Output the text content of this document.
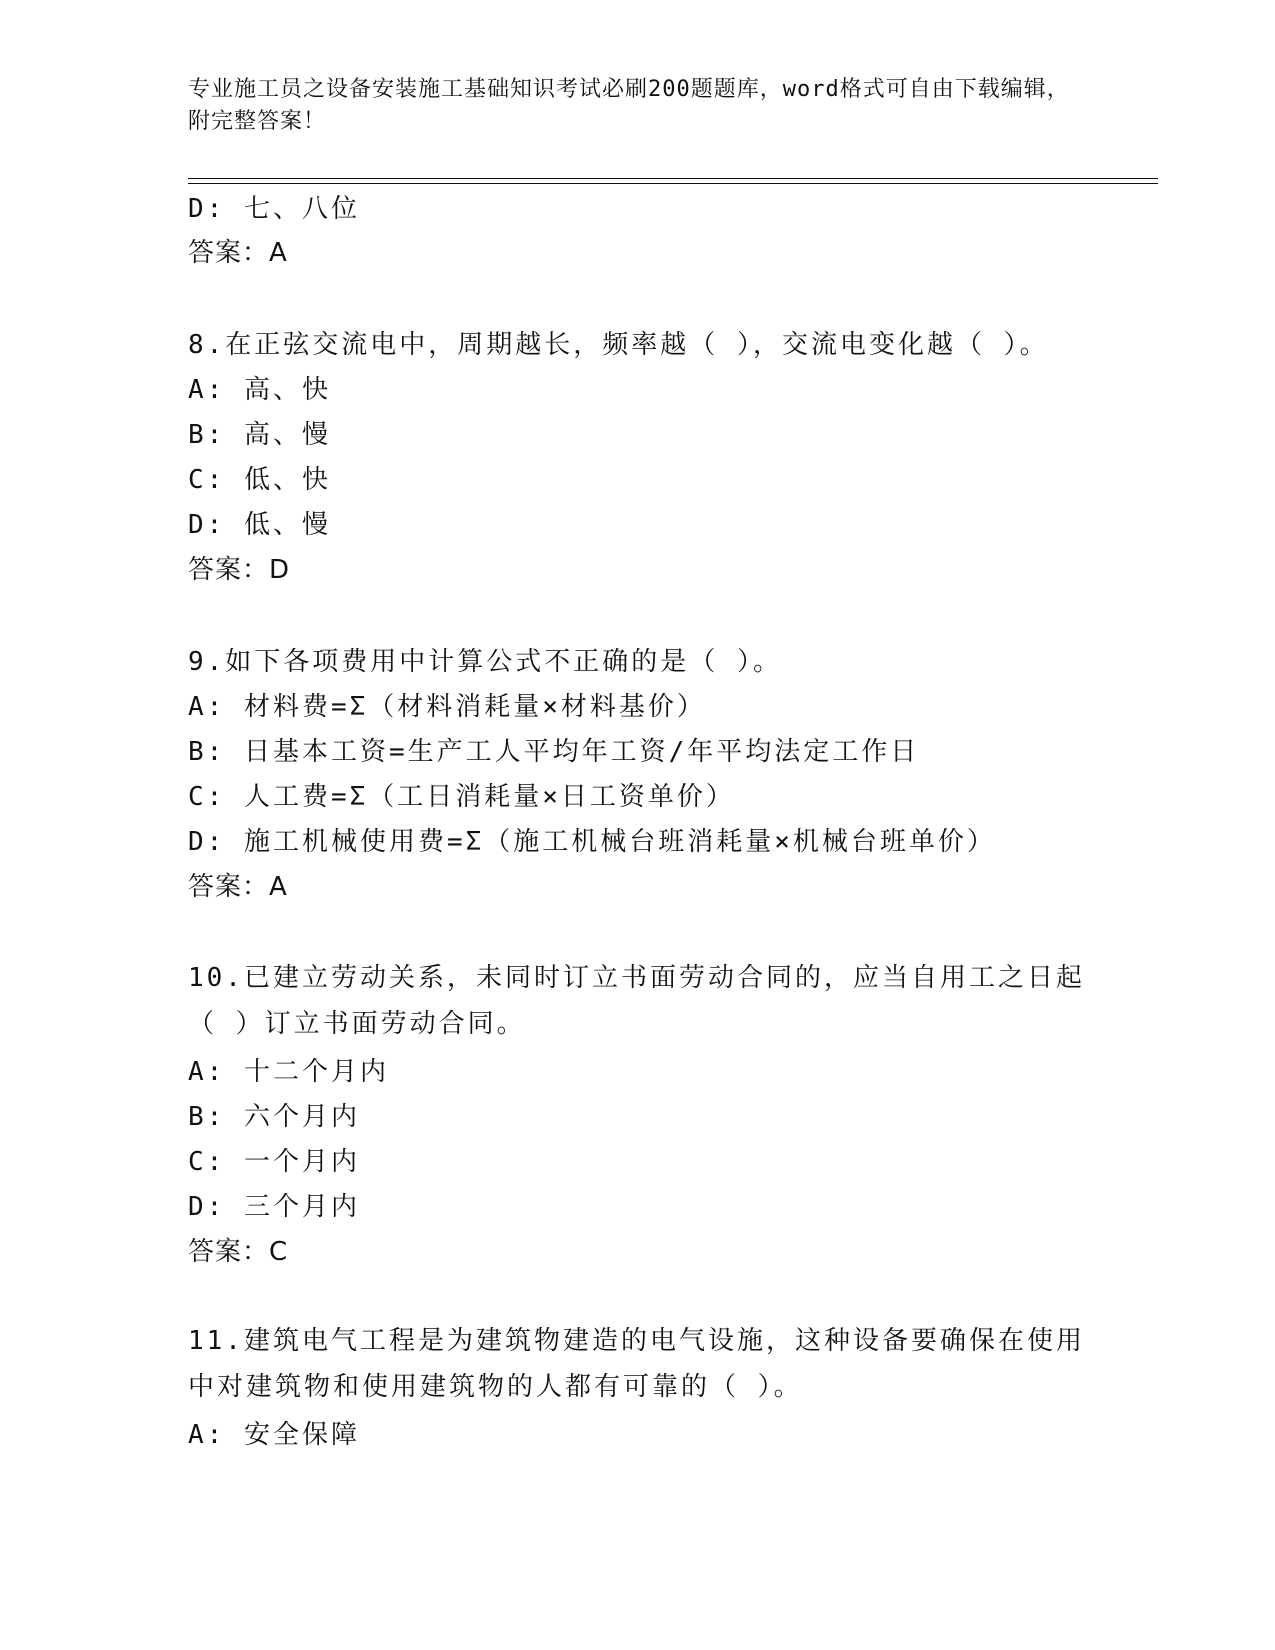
专业施工员之设备安装施工基础知识考试必刷200题题库，word格式可自由下载编辑，附完整答案！
D: 七、八位
答案：A
8.在正弦交流电中，周期越长，频率越（ ），交流电变化越（ ）。
A: 高、快
B: 高、慢
C: 低、快
D: 低、慢
答案：D
9.如下各项费用中计算公式不正确的是（ ）。
A: 材料费=Σ（材料消耗量×材料基价）
B: 日基本工资=生产工人平均年工资/年平均法定工作日
C: 人工费=Σ（工日消耗量×日工资单价）
D: 施工机械使用费=Σ（施工机械台班消耗量×机械台班单价）
答案：A
10.已建立劳动关系，未同时订立书面劳动合同的，应当自用工之日起（ ）订立书面劳动合同。
A: 十二个月内
B: 六个月内
C: 一个月内
D: 三个月内
答案：C
11.建筑电气工程是为建筑物建造的电气设施，这种设备要确保在使用中对建筑物和使用建筑物的人都有可靠的（ ）。
A: 安全保障
